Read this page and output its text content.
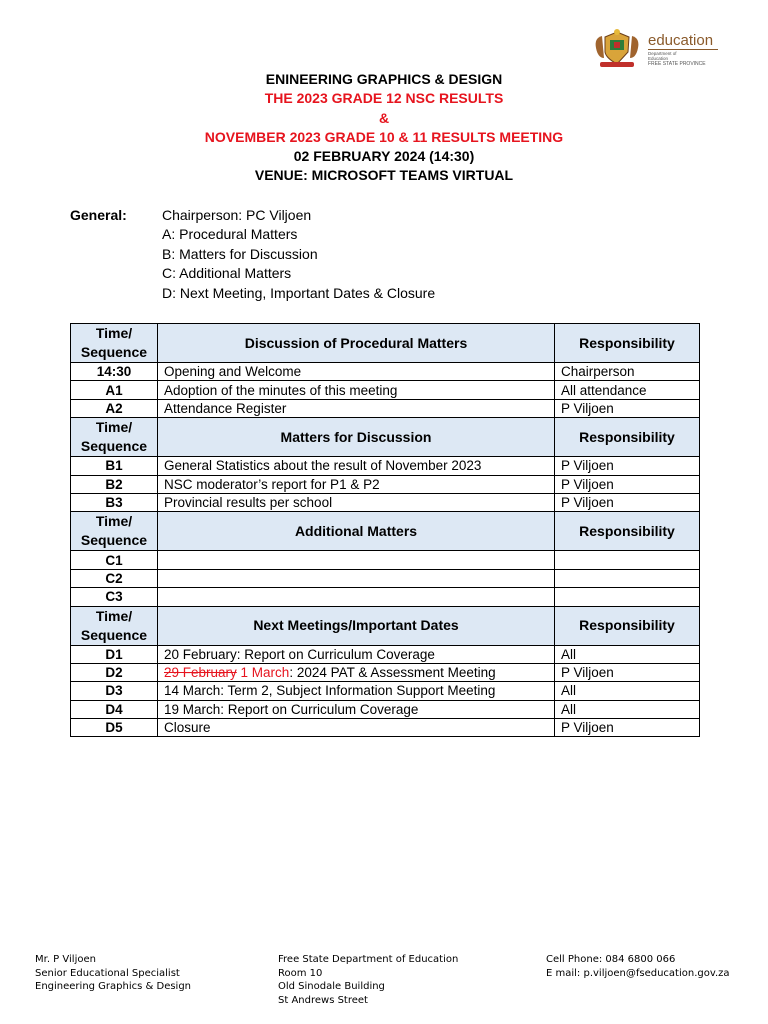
education
Department of
Education
FREE STATE PROVINCE
ENINEERING GRAPHICS & DESIGN
THE 2023 GRADE 12 NSC RESULTS
&
NOVEMBER 2023 GRADE 10 & 11 RESULTS MEETING
02 FEBRUARY 2024 (14:30)
VENUE: MICROSOFT TEAMS VIRTUAL
General:	Chairperson: PC Viljoen
A: Procedural Matters
B: Matters for Discussion
C: Additional Matters
D: Next Meeting, Important Dates & Closure
Time/
Sequence	Discussion of Procedural Matters	Responsibility
14:30	Opening and Welcome	Chairperson
A1	Adoption of the minutes of this meeting	All attendance
A2	Attendance Register	P Viljoen
Time/
Sequence	Matters for Discussion	Responsibility
B1	General Statistics about the result of November 2023	P Viljoen
B2	NSC moderator’s report for P1 & P2	P Viljoen
B3	Provincial results per school	P Viljoen
Time/
Sequence	Additional Matters	Responsibility
C1		
C2		
C3		
Time/
Sequence	Next Meetings/Important Dates	Responsibility
D1	20 February: Report on Curriculum Coverage	All
D2	29 February 1 March: 2024 PAT & Assessment Meeting	P Viljoen
D3	14 March: Term 2, Subject Information Support Meeting	All
D4	19 March: Report on Curriculum Coverage	All
D5	Closure	P Viljoen
Mr. P Viljoen
Senior Educational Specialist
Engineering Graphics & Design
Free State Department of Education
Room 10
Old Sinodale Building
St Andrews Street
Cell Phone: 084 6800 066
E mail: p.viljoen@fseducation.gov.za
